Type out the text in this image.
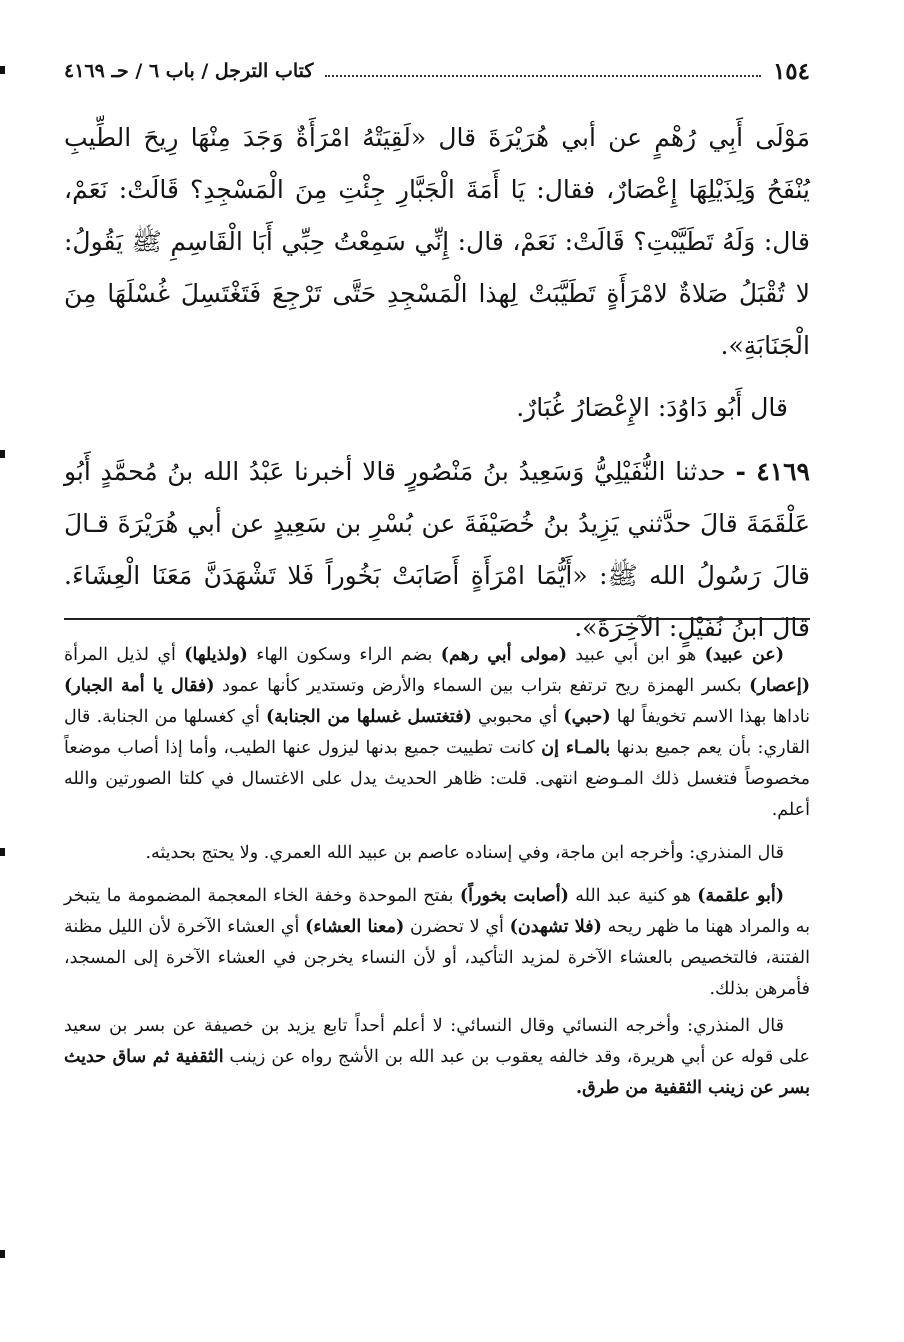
١٥٤
كتاب الترجل / باب ٦ / حـ ٤١٦٩

مَوْلَى أَبِي رُهْمٍ عن أبي هُرَيْرَةَ قال «لَقِيَتْهُ امْرَأَةٌ وَجَدَ مِنْهَا رِيحَ الطِّيبِ يُنْفَحُ وَلِذَيْلِهَا إِعْصَارٌ، فقال: يَا أَمَةَ الْجَبَّارِ جِئْتِ مِنَ الْمَسْجِدِ؟ قَالَتْ: نَعَمْ، قال: وَلَهُ تَطَيَّبْتِ؟ قَالَتْ: نَعَمْ، قال: إِنِّي سَمِعْتُ حِبِّي أَبَا الْقَاسِمِ ﷺ يَقُولُ: لا تُقْبَلُ صَلاةٌ لامْرَأَةٍ تَطَيَّبَتْ لِهذا الْمَسْجِدِ حَتَّى تَرْجِعَ فَتَغْتَسِلَ غُسْلَهَا مِنَ الْجَنَابَةِ».

قال أَبُو دَاوُدَ: الإِعْصَارُ غُبَارٌ.

٤١٦٩ - حدثنا النُّفَيْلِيُّ وَسَعِيدُ بنُ مَنْصُورٍ قالا أخبرنا عَبْدُ الله بنُ مُحمَّدٍ أَبُو عَلْقَمَةَ قالَ حدَّثني يَزِيدُ بنُ خُصَيْفَةَ عن بُسْرِ بن سَعِيدٍ عن أبي هُرَيْرَةَ قـالَ قالَ رَسُولُ الله ﷺ: «أَيُّمَا امْرَأَةٍ أَصَابَتْ بَخُوراً فَلا تَشْهَدَنَّ مَعَنَا الْعِشَاءَ. قالَ ابنُ نُفَيْلٍ: الآخِرَةَ».

(عن عبيد) هو ابن أبي عبيد (مولى أبي رهم) بضم الراء وسكون الهاء (ولذيلها) أي لذيل المرأة (إعصار) بكسر الهمزة ريح ترتفع بتراب بين السماء والأرض وتستدير كأنها عمود (فقال يا أمة الجبار) ناداها بهذا الاسم تخويفاً لها (حبي) أي محبوبي (فتغتسل غسلها من الجنابة) أي كغسلها من الجنابة. قال القاري: بأن يعم جميع بدنها بالمـاء إن كانت تطييت جميع بدنها ليزول عنها الطيب، وأما إذا أصاب موضعاً مخصوصاً فتغسل ذلك المـوضع انتهى. قلت: ظاهر الحديث يدل على الاغتسال في كلتا الصورتين والله أعلم.

قال المنذري: وأخرجه ابن ماجة، وفي إسناده عاصم بن عبيد الله العمري. ولا يحتج بحديثه.

(أبو علقمة) هو كنية عبد الله (أصابت بخوراً) بفتح الموحدة وخفة الخاء المعجمة المضمومة ما يتبخر به والمراد ههنا ما ظهر ريحه (فلا تشهدن) أي لا تحضرن (معنا العشاء) أي العشاء الآخرة لأن الليل مظنة الفتنة، فالتخصيص بالعشاء الآخرة لمزيد التأكيد، أو لأن النساء يخرجن في العشاء الآخرة إلى المسجد، فأمرهن بذلك.

قال المنذري: وأخرجه النسائي وقال النسائي: لا أعلم أحداً تابع يزيد بن خصيفة عن بسر بن سعيد على قوله عن أبي هريرة، وقد خالفه يعقوب بن عبد الله بن الأشج رواه عن زينب الثقفية ثم ساق حديث بسر عن زينب الثقفية من طرق.
